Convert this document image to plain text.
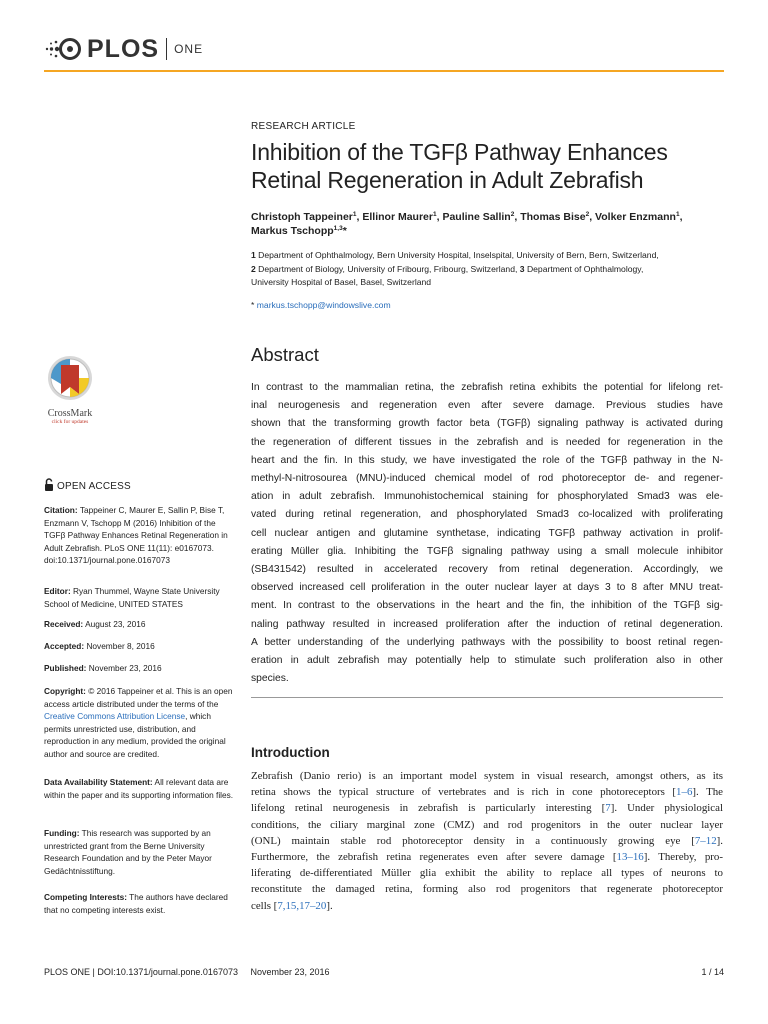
PLOS ONE
CrossMark
click for updates
OPEN ACCESS
Citation: Tappeiner C, Maurer E, Sallin P, Bise T, Enzmann V, Tschopp M (2016) Inhibition of the TGFβ Pathway Enhances Retinal Regeneration in Adult Zebrafish. PLoS ONE 11(11): e0167073. doi:10.1371/journal.pone.0167073
Editor: Ryan Thummel, Wayne State University School of Medicine, UNITED STATES
Received: August 23, 2016
Accepted: November 8, 2016
Published: November 23, 2016
Copyright: © 2016 Tappeiner et al. This is an open access article distributed under the terms of the Creative Commons Attribution License, which permits unrestricted use, distribution, and reproduction in any medium, provided the original author and source are credited.
Data Availability Statement: All relevant data are within the paper and its supporting information files.
Funding: This research was supported by an unrestricted grant from the Berne University Research Foundation and by the Peter Mayor Gedächtnisstiftung.
Competing Interests: The authors have declared that no competing interests exist.
RESEARCH ARTICLE
Inhibition of the TGFβ Pathway Enhances
Retinal Regeneration in Adult Zebrafish
Christoph Tappeiner$^1$, Ellinor Maurer$^1$, Pauline Sallin$^2$, Thomas Bise$^2$, Volker Enzmann$^1$,
Markus Tschopp$^{1,3}$*
1 Department of Ophthalmology, Bern University Hospital, Inselspital, University of Bern, Bern, Switzerland,
2 Department of Biology, University of Fribourg, Fribourg, Switzerland, 3 Department of Ophthalmology,
University Hospital of Basel, Basel, Switzerland
* markus.tschopp@windowslive.com
Abstract
In contrast to the mammalian retina, the zebrafish retina exhibits the potential for lifelong ret-
inal neurogenesis and regeneration even after severe damage. Previous studies have
shown that the transforming growth factor beta (TGFβ) signaling pathway is activated during
the regeneration of different tissues in the zebrafish and is needed for regeneration in the
heart and the fin. In this study, we have investigated the role of the TGFβ pathway in the N-
methyl-N-nitrosourea (MNU)-induced chemical model of rod photoreceptor de- and regener-
ation in adult zebrafish. Immunohistochemical staining for phosphorylated Smad3 was ele-
vated during retinal regeneration, and phosphorylated Smad3 co-localized with proliferating
cell nuclear antigen and glutamine synthetase, indicating TGFβ pathway activation in prolif-
erating Müller glia. Inhibiting the TGFβ signaling pathway using a small molecule inhibitor
(SB431542) resulted in accelerated recovery from retinal degeneration. Accordingly, we
observed increased cell proliferation in the outer nuclear layer at days 3 to 8 after MNU treat-
ment. In contrast to the observations in the heart and the fin, the inhibition of the TGFβ sig-
naling pathway resulted in increased proliferation after the induction of retinal degeneration.
A better understanding of the underlying pathways with the possibility to boost retinal regen-
eration in adult zebrafish may potentially help to stimulate such proliferation also in other
species.
Introduction
Zebrafish (Danio rerio) is an important model system in visual research, amongst others, as its
retina shows the typical structure of vertebrates and is rich in cone photoreceptors [1–6]. The
lifelong retinal neurogenesis in zebrafish is particularly interesting [7]. Under physiological
conditions, the ciliary marginal zone (CMZ) and rod progenitors in the outer nuclear layer
(ONL) maintain stable rod photoreceptor density in a continuously growing eye [7–12].
Furthermore, the zebrafish retina regenerates even after severe damage [13–16]. Thereby, pro-
liferating de-differentiated Müller glia exhibit the ability to replace all types of neurons to
reconstitute the damaged retina, forming also rod progenitors that regenerate photoreceptor
cells [7,15,17–20].
PLOS ONE | DOI:10.1371/journal.pone.0167073 November 23, 2016	1 / 14
